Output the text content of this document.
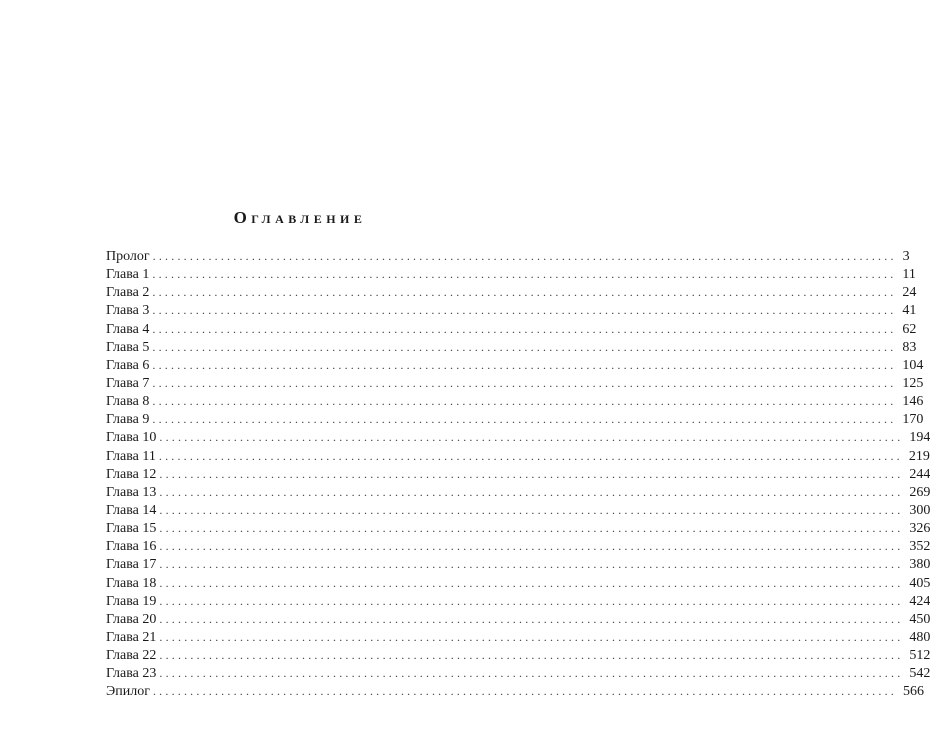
Оглавление
Пролог ........................................................................................................................ 3
Глава 1 ........................................................................................................................ 11
Глава 2 ........................................................................................................................ 24
Глава 3 ........................................................................................................................ 41
Глава 4 ........................................................................................................................ 62
Глава 5 ........................................................................................................................ 83
Глава 6 ........................................................................................................................ 104
Глава 7 ........................................................................................................................ 125
Глава 8 ........................................................................................................................ 146
Глава 9 ........................................................................................................................ 170
Глава 10 ........................................................................................................................ 194
Глава 11 ........................................................................................................................ 219
Глава 12 ........................................................................................................................ 244
Глава 13 ........................................................................................................................ 269
Глава 14 ........................................................................................................................ 300
Глава 15 ........................................................................................................................ 326
Глава 16 ........................................................................................................................ 352
Глава 17 ........................................................................................................................ 380
Глава 18 ........................................................................................................................ 405
Глава 19 ........................................................................................................................ 424
Глава 20 ........................................................................................................................ 450
Глава 21 ........................................................................................................................ 480
Глава 22 ........................................................................................................................ 512
Глава 23 ........................................................................................................................ 542
Эпилог ........................................................................................................................ 566
